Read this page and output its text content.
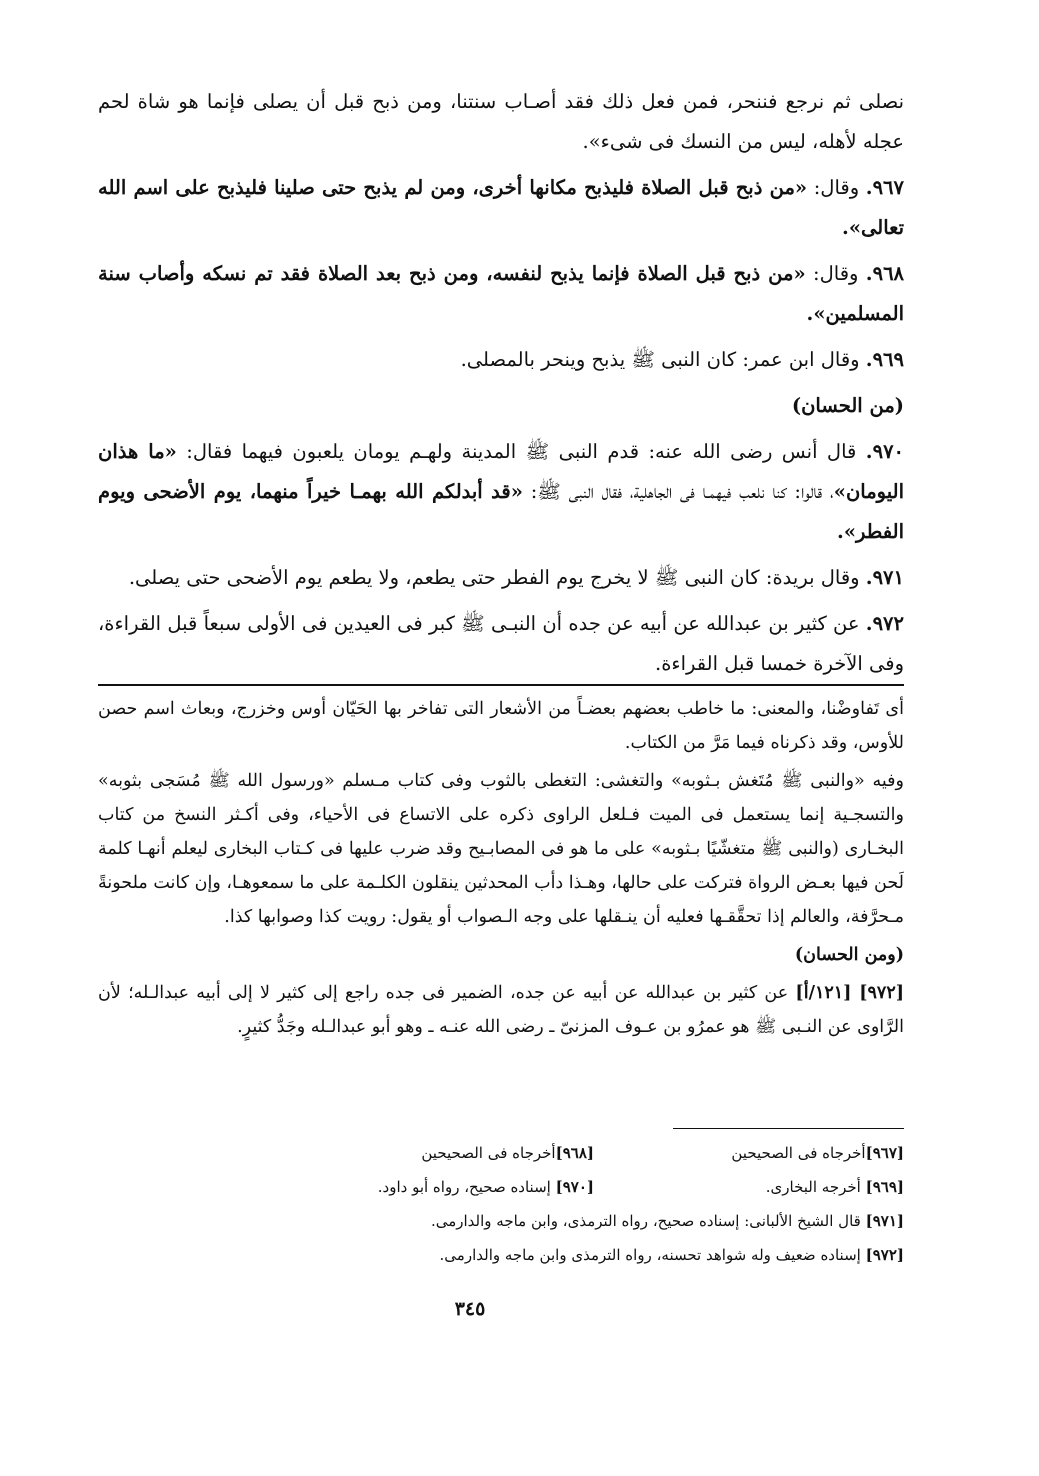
نصلی ثم نرجع فننحر، فمن فعل ذلك فقد أصـاب سنتنا، ومن ذبح قبل أن يصلی فإنما هو شاة لحم عجله لأهله، ليس من النسك فی شیء».

٩٦٧. وقال: «من ذبح قبل الصلاة فليذبح مكانها أخرى، ومن لم يذبح حتى صلينا فليذبح على اسم الله تعالى».

٩٦٨. وقال: «من ذبح قبل الصلاة فإنما يذبح لنفسه، ومن ذبح بعد الصلاة فقد تم نسكه وأصاب سنة المسلمين».

٩٦٩. وقال ابن عمر: كان النبی ﷺ يذبح وينحر بالمصلی.

(من الحسان)

٩٧٠. قال أنس رضی الله عنه: قدم النبی ﷺ المدينة ولهـم يومان يلعبون فيهما فقال: «ما هذان اليومان»، قالوا: كنا نلعب فيهمـا فی الجاهلية، فقال النبی ﷺ: «قد أبدلكم الله بهمـا خيراً منهما، يوم الأضحى ويوم الفطر».

٩٧١. وقال بريدة: كان النبی ﷺ لا يخرج يوم الفطر حتى يطعم، ولا يطعم يوم الأضحى حتى يصلی.

٩٧٢. عن كثير بن عبدالله عن أبيه عن جده أن النبـی ﷺ كبر فی العيدين فی الأولى سبعاً قبل القراءة، وفی الآخرة خمسا قبل القراءة.

أی تَفاوضْنا، والمعنى: ما خاطب بعضهم بعضـاً من الأشعار التی تفاخر بها الحَيّان أوس وخزرج، وبعاث اسم حصن للأوس، وقد ذكرناه فيما مَرَّ من الكتاب.

وفيه «والنبی ﷺ مُتَغش بـثوبه» والتغشی: التغطی بالثوب وفی كتاب مـسلم «ورسول الله ﷺ مُسَجی بثوبه» والتسجـية إنما يستعمل فی الميت فـلعل الراوی ذكره على الاتساع فی الأحياء، وفی أكـثر النسخ من كتاب البخـاری (والنبی ﷺ متغشّيًا بـثوبه» على ما هو فی المصابـيح وقد ضرب عليها فی كـتاب البخاری ليعلم أنهـا كلمة لَحن فيها بعـض الرواة فتركت على حالها، وهـذا دأب المحدثين ينقلون الكلـمة على ما سمعوهـا، وإن كانت ملحونةً مـحرَّفة، والعالم إذا تحقَّقـها فعليه أن ينـقلها على وجه الـصواب أو يقول: رويت كذا وصوابها كذا.

(ومن الحسان)

[٩٧٢] [١٢١/أ] عن كثير بن عبدالله عن أبيه عن جده، الضمير فی جده راجع إلى كثير لا إلى أبيه عبدالـله؛ لأن الرَّاوی عن النـبی ﷺ هو عمرُو بن عـوف المزنیّ ـ رضی الله عنـه ـ وهو أبو عبدالـله وجَدُّ كثيرٍ.

[٩٦٧]أخرجاه فی الصحيحين
[٩٦٨]أخرجاه فی الصحيحين
[٩٦٩] أخرجه البخاری.
[٩٧٠] إسناده صحيح، رواه أبو داود.
[٩٧١] قال الشيخ الألبانی: إسناده صحيح، رواه الترمذی، وابن ماجه والدارمی.
[٩٧٢] إسناده ضعيف وله شواهد تحسنه، رواه الترمذی وابن ماجه والدارمی.
٣٤٥
